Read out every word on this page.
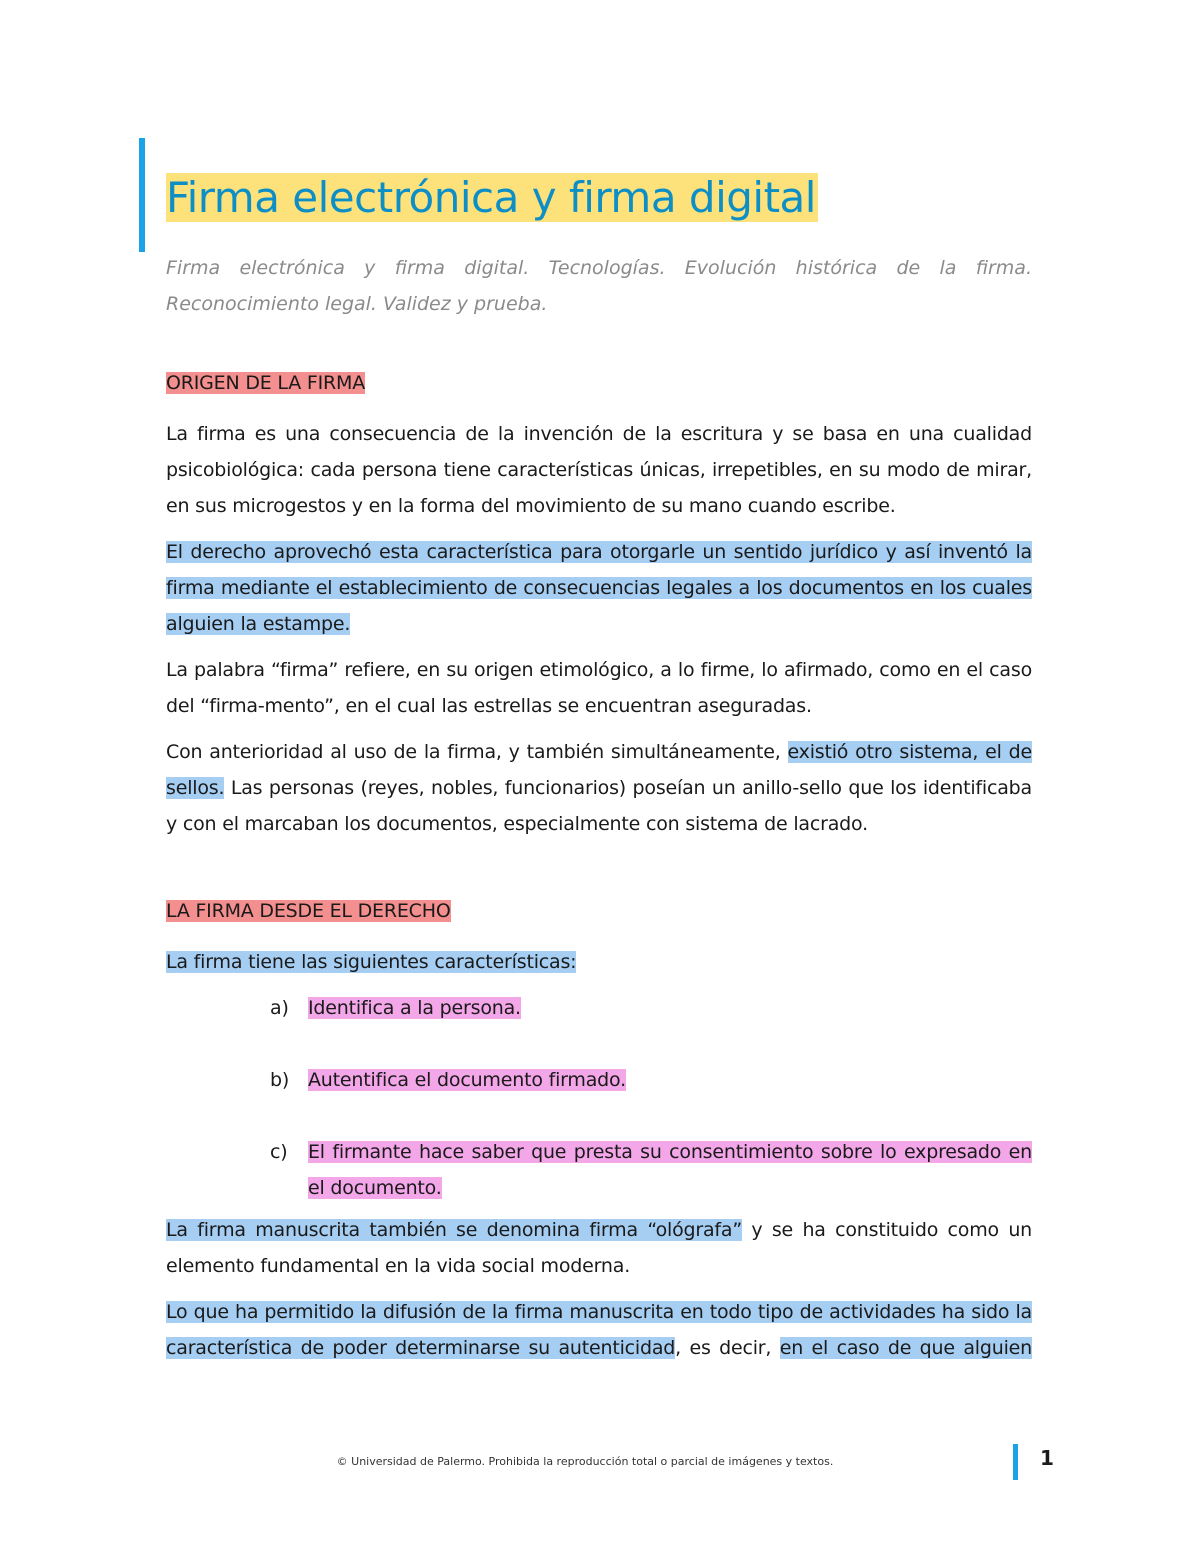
Firma electrónica y firma digital

Firma electrónica y firma digital. Tecnologías. Evolución histórica de la firma. Reconocimiento legal. Validez y prueba.

ORIGEN DE LA FIRMA

La firma es una consecuencia de la invención de la escritura y se basa en una cualidad psicobiológica: cada persona tiene características únicas, irrepetibles, en su modo de mirar, en sus microgestos y en la forma del movimiento de su mano cuando escribe.

El derecho aprovechó esta característica para otorgarle un sentido jurídico y así inventó la firma mediante el establecimiento de consecuencias legales a los documentos en los cuales alguien la estampe.

La palabra “firma” refiere, en su origen etimológico, a lo firme, lo afirmado, como en el caso del “firma-mento”, en el cual las estrellas se encuentran aseguradas.

Con anterioridad al uso de la firma, y también simultáneamente, existió otro sistema, el de sellos. Las personas (reyes, nobles, funcionarios) poseían un anillo-sello que los identificaba y con el marcaban los documentos, especialmente con sistema de lacrado.

LA FIRMA DESDE EL DERECHO

La firma tiene las siguientes características:

a) Identifica a la persona.
b) Autentifica el documento firmado.
c) El firmante hace saber que presta su consentimiento sobre lo expresado en el documento.

La firma manuscrita también se denomina firma “ológrafa” y se ha constituido como un elemento fundamental en la vida social moderna.

Lo que ha permitido la difusión de la firma manuscrita en todo tipo de actividades ha sido la característica de poder determinarse su autenticidad, es decir, en el caso de que alguien

© Universidad de Palermo. Prohibida la reproducción total o parcial de imágenes y textos.	1
